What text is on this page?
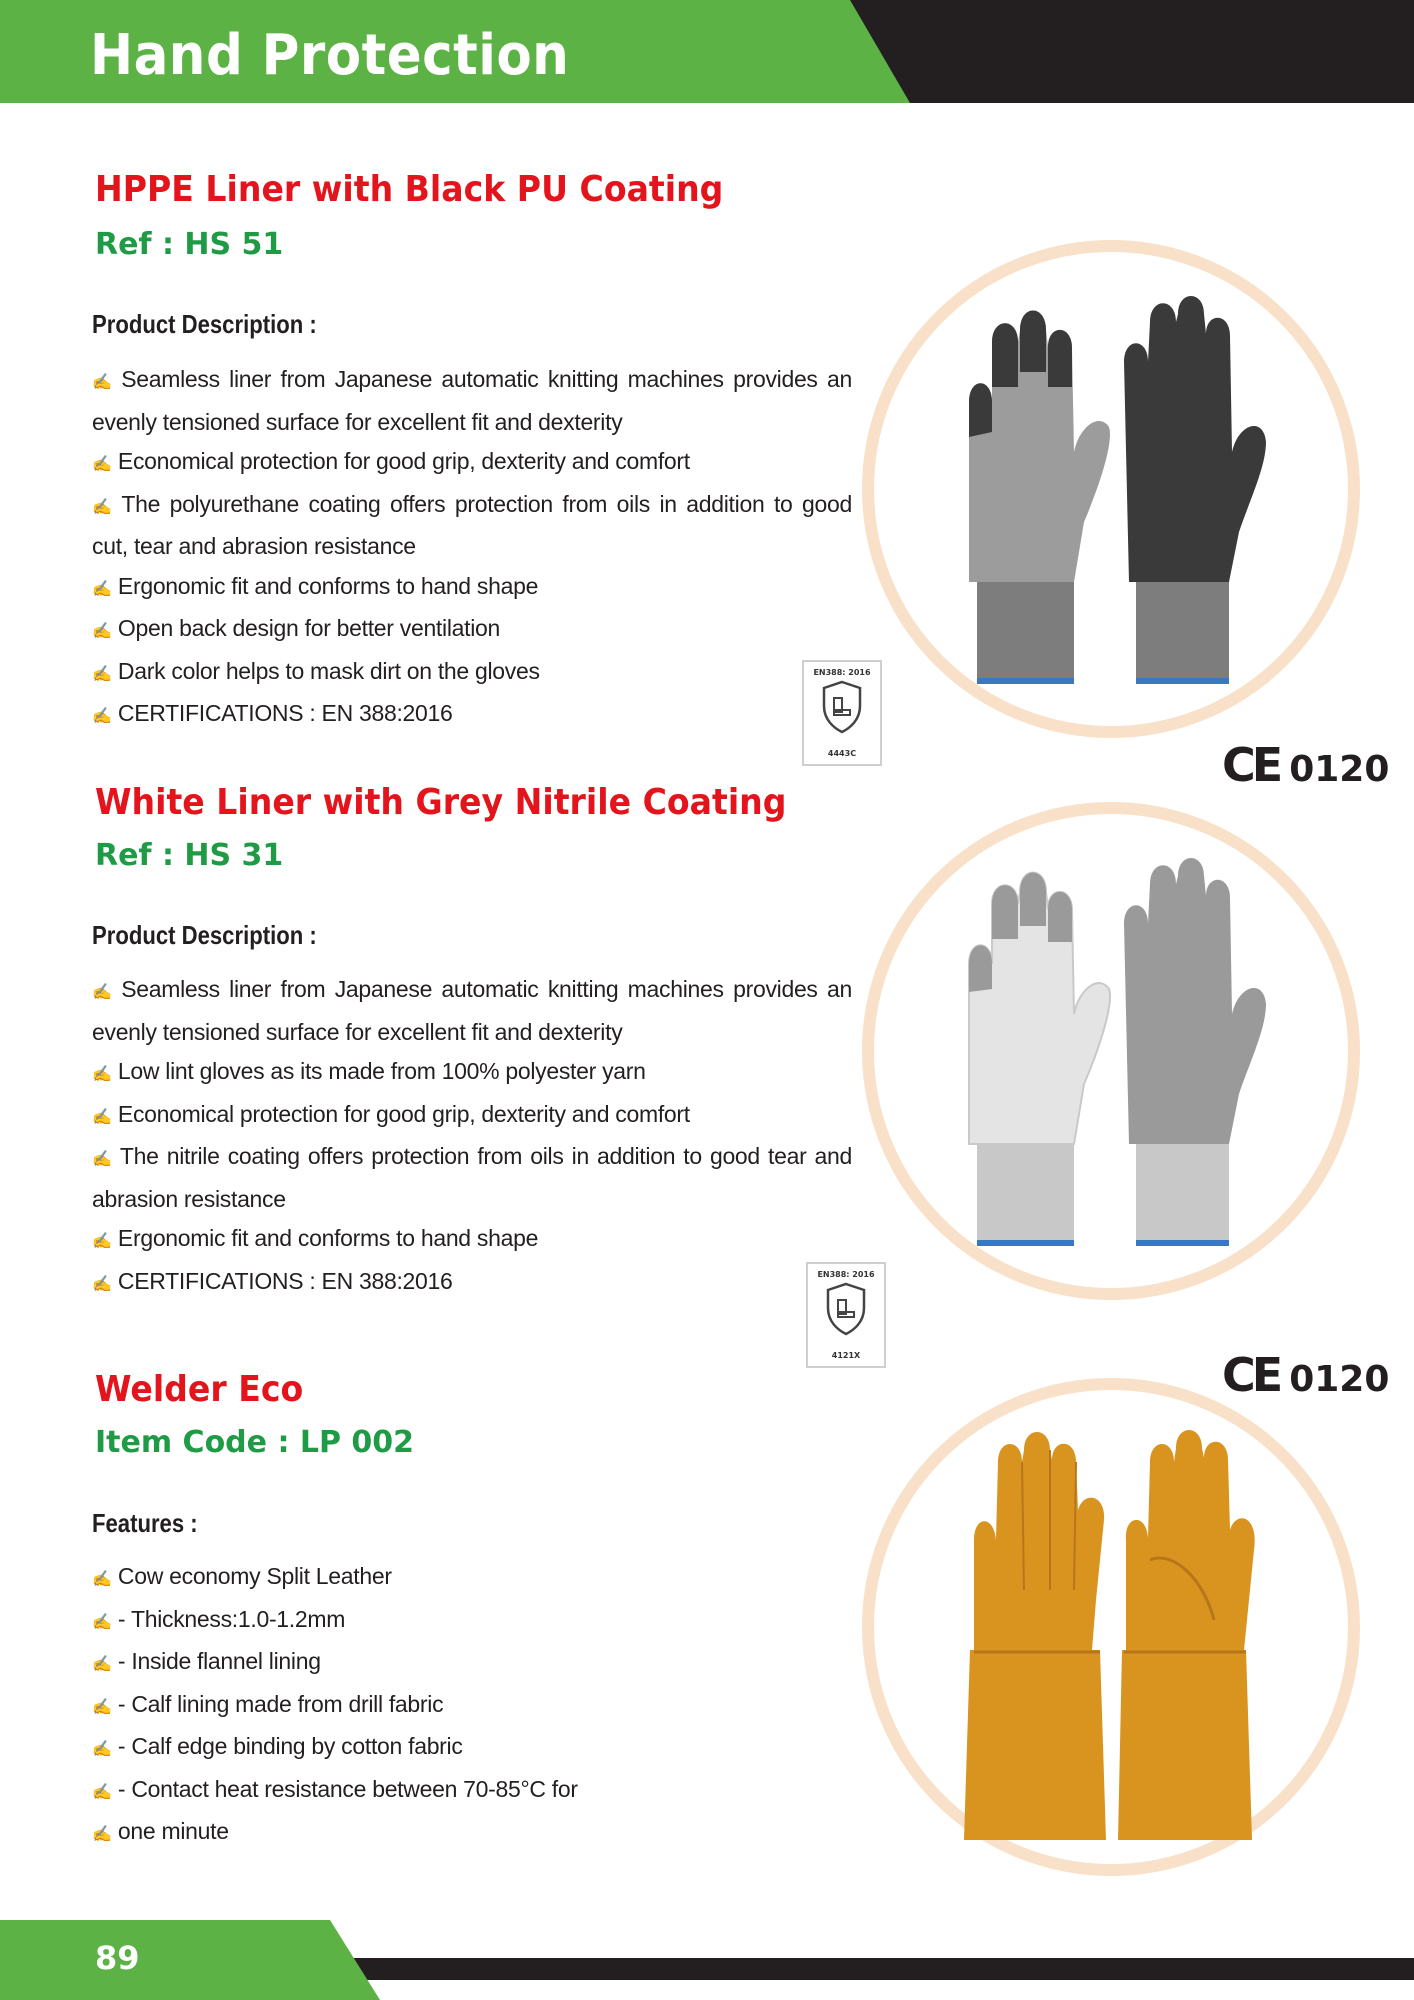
Hand Protection
HPPE Liner with Black PU Coating
Ref : HS 51
Product Description :
✍ Seamless liner from Japanese automatic knitting machines provides an evenly tensioned surface for excellent fit and dexterity
✍ Economical protection for good grip, dexterity and comfort
✍ The polyurethane coating offers protection from oils in addition to good cut, tear and abrasion resistance
✍ Ergonomic fit and conforms to hand shape
✍ Open back design for better ventilation
✍ Dark color helps to mask dirt on the gloves
✍ CERTIFICATIONS : EN 388:2016
EN388: 2016
4443C	CE 0120
White Liner with Grey Nitrile Coating
Ref : HS 31
Product Description :
✍ Seamless liner from Japanese automatic knitting machines provides an evenly tensioned surface for excellent fit and dexterity
✍ Low lint gloves as its made from 100% polyester yarn
✍ Economical protection for good grip, dexterity and comfort
✍ The nitrile coating offers protection from oils in addition to good tear and abrasion resistance
✍ Ergonomic fit and conforms to hand shape
✍ CERTIFICATIONS : EN 388:2016	EN388: 2016
4121X	CE 0120
Welder Eco
Item Code : LP 002
Features :
✍ Cow economy Split Leather
✍ - Thickness:1.0-1.2mm
✍ - Inside flannel lining
✍ - Calf lining made from drill fabric
✍ - Calf edge binding by cotton fabric
✍ - Contact heat resistance between 70-85°C for
✍ one minute
89
